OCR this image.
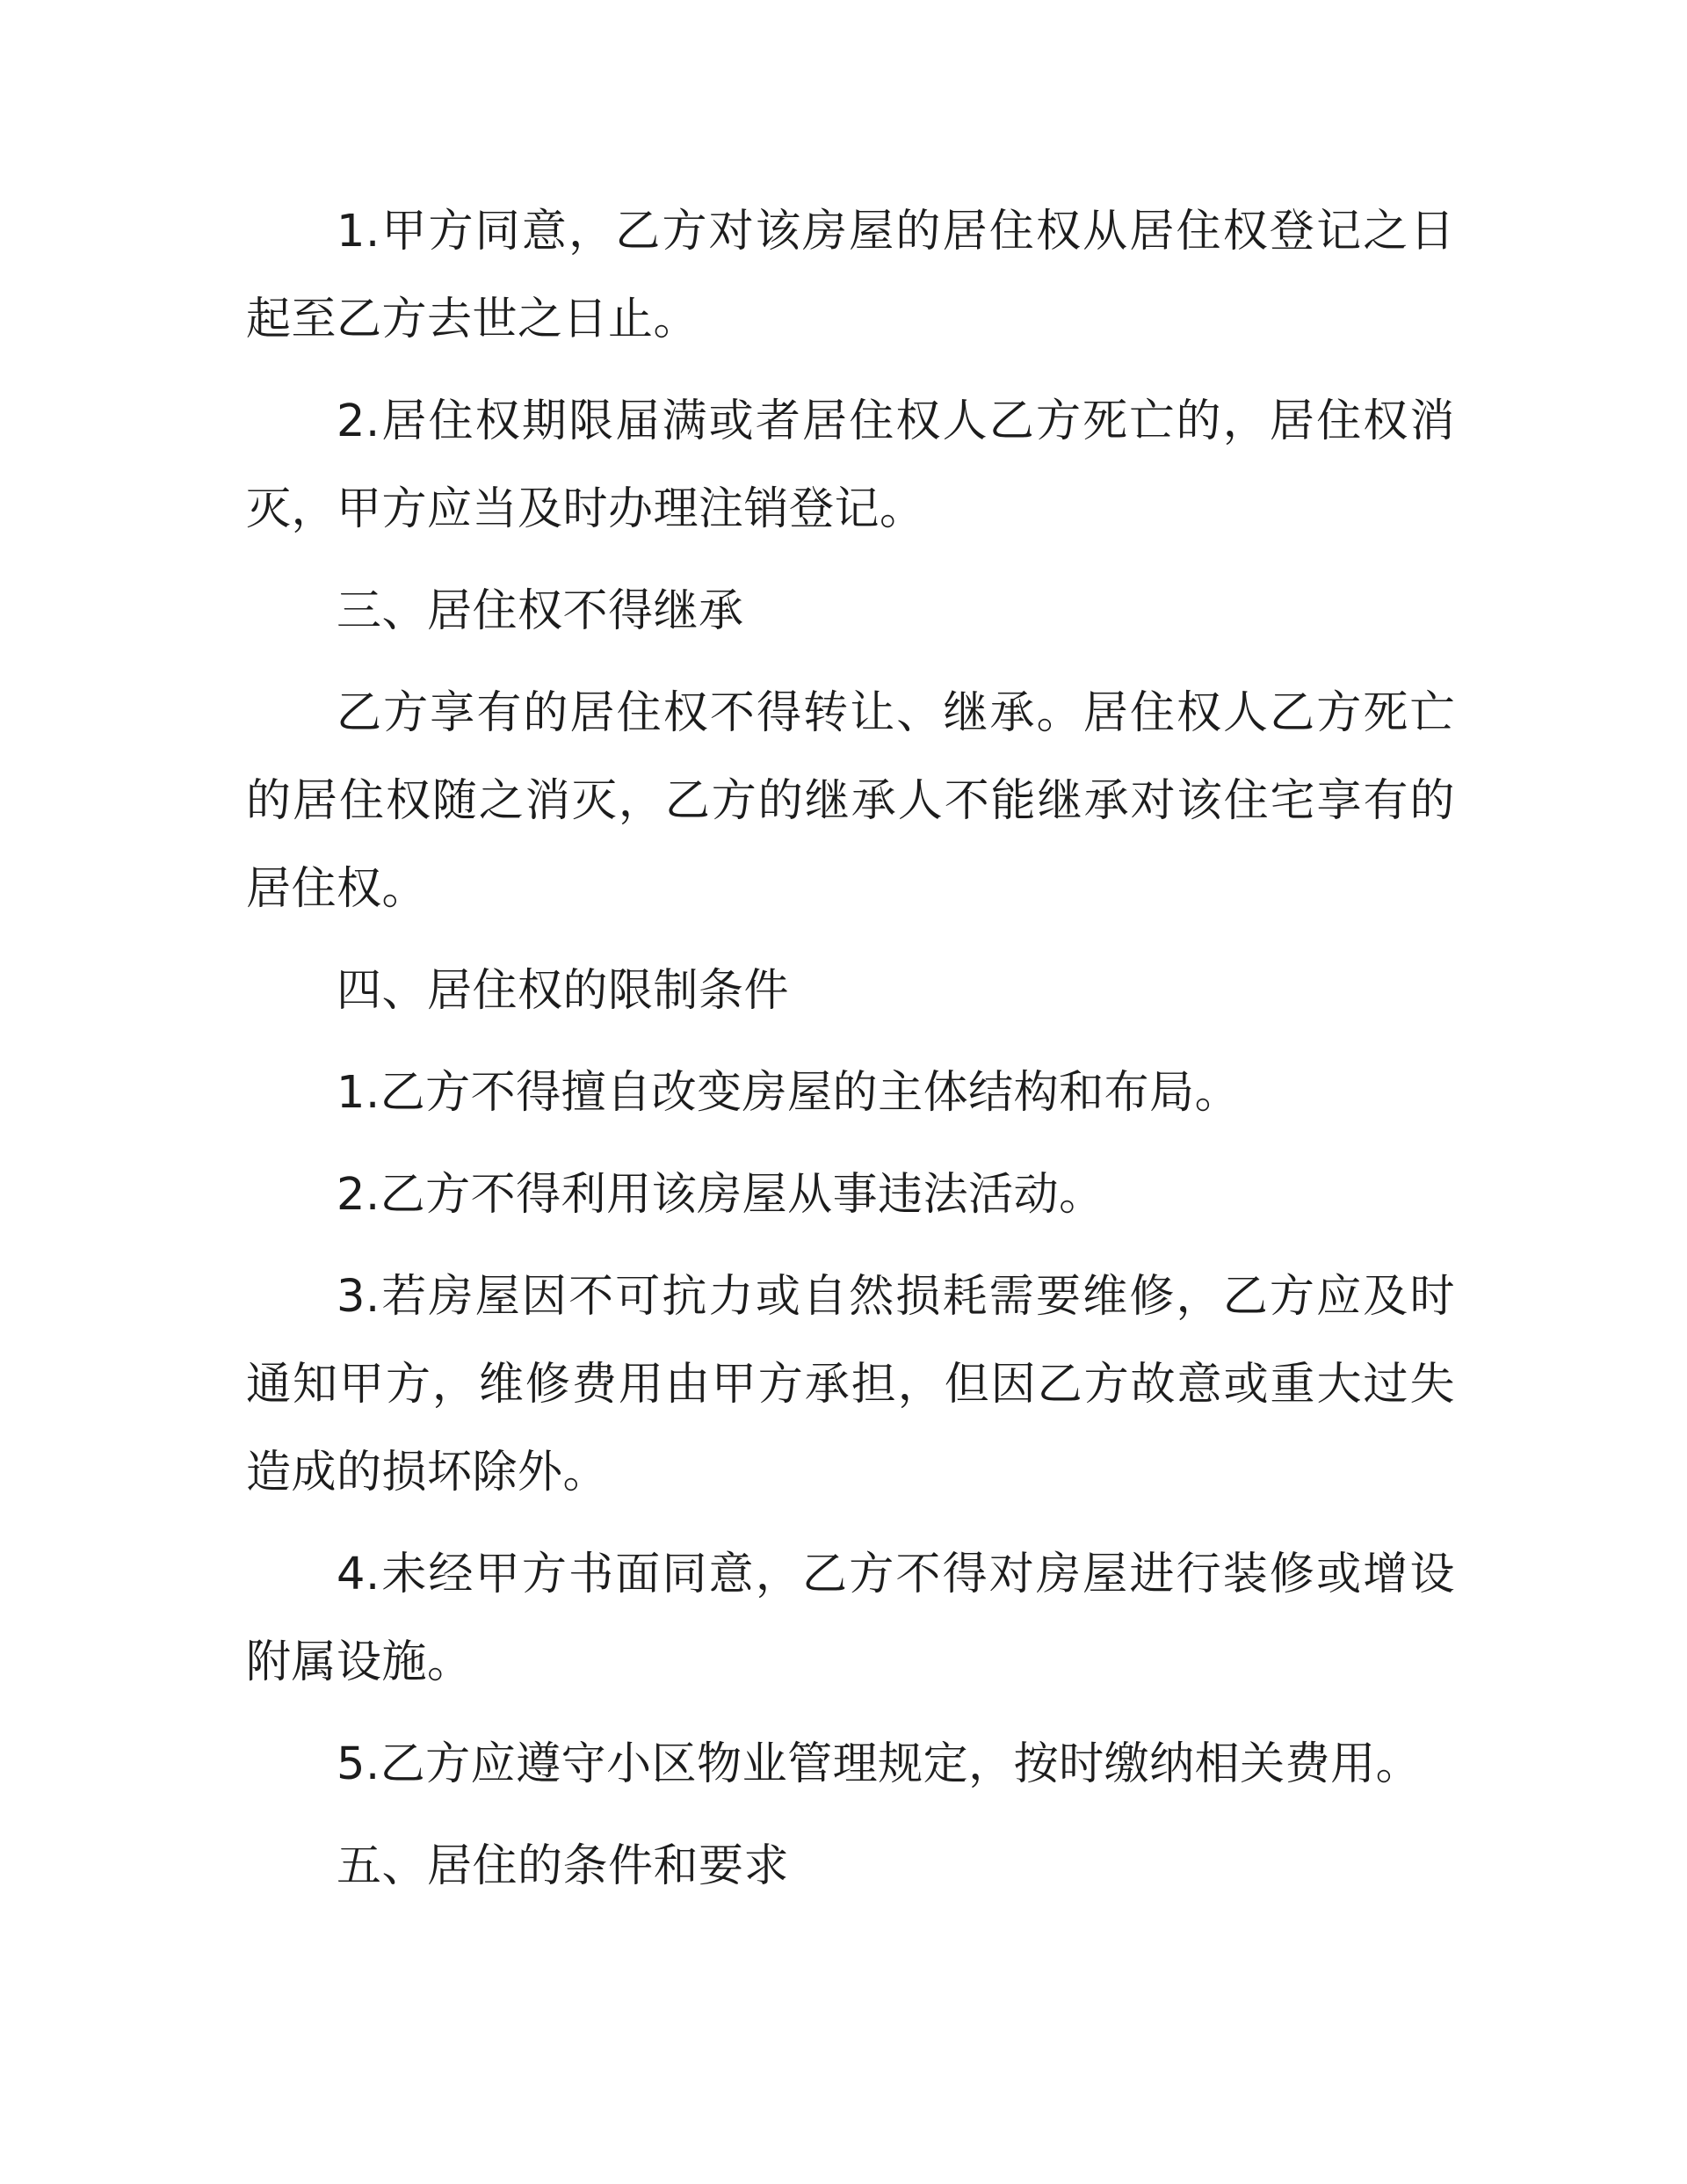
1.甲方同意，乙方对该房屋的居住权从居住权登记之日起至乙方去世之日止。

2.居住权期限届满或者居住权人乙方死亡的，居住权消灭，甲方应当及时办理注销登记。

三、居住权不得继承

乙方享有的居住权不得转让、继承。居住权人乙方死亡的居住权随之消灭，乙方的继承人不能继承对该住宅享有的居住权。

四、居住权的限制条件

1.乙方不得擅自改变房屋的主体结构和布局。

2.乙方不得利用该房屋从事违法活动。

3.若房屋因不可抗力或自然损耗需要维修，乙方应及时通知甲方，维修费用由甲方承担，但因乙方故意或重大过失造成的损坏除外。

4.未经甲方书面同意，乙方不得对房屋进行装修或增设附属设施。

5.乙方应遵守小区物业管理规定，按时缴纳相关费用。

五、居住的条件和要求
